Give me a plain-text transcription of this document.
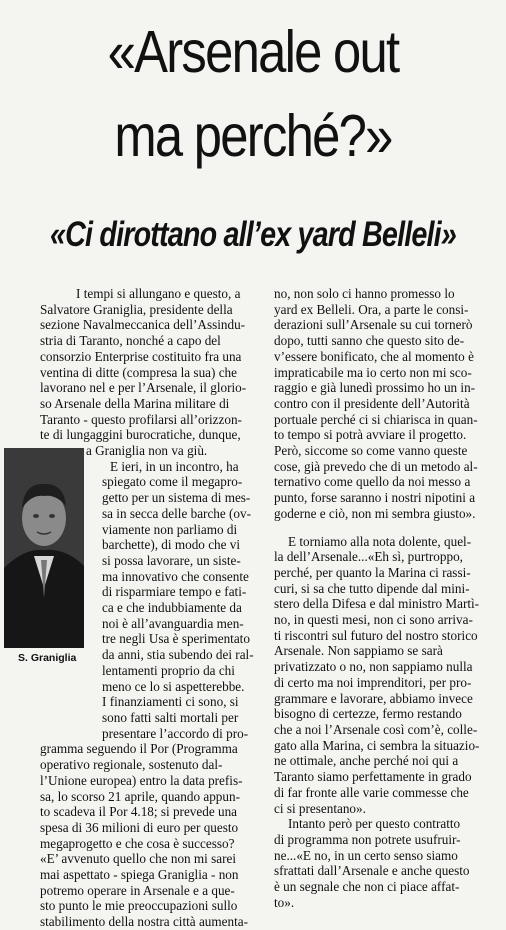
«Arsenale out
ma perché?»
«Ci dirottano all’ex yard Belleli»
S. Graniglia
I tempi si allungano e questo, a
Salvatore Graniglia, presidente della
sezione Navalmeccanica dell’Assindu-
stria di Taranto, nonché a capo del
consorzio Enterprise costituito fra una
ventina di ditte (compresa la sua) che
lavorano nel e per l’Arsenale, il glorio-
so Arsenale della Marina militare di
Taranto - questo profilarsi all’orizzon-
te di lungaggini burocratiche, dunque,
a Graniglia non va giù.
E ieri, in un incontro, ha
spiegato come il megapro-
getto per un sistema di mes-
sa in secca delle barche (ov-
viamente non parliamo di
barchette), di modo che vi
si possa lavorare, un siste-
ma innovativo che consente
di risparmiare tempo e fati-
ca e che indubbiamente da
noi è all’avanguardia men-
tre negli Usa è sperimentato
da anni, stia subendo dei ral-
lentamenti proprio da chi
meno ce lo si aspetterebbe.
I finanziamenti ci sono, si
sono fatti salti mortali per
presentare l’accordo di pro-
gramma seguendo il Por (Programma
operativo regionale, sostenuto dal-
l’Unione europea) entro la data prefis-
sa, lo scorso 21 aprile, quando appun-
to scadeva il Por 4.18; si prevede una
spesa di 36 milioni di euro per questo
megaprogetto e che cosa è successo?
«E’ avvenuto quello che non mi sarei
mai aspettato - spiega Graniglia - non
potremo operare in Arsenale e a que-
sto punto le mie preoccupazioni sullo
stabilimento della nostra città aumenta-
no, non solo ci hanno promesso lo
yard ex Belleli. Ora, a parte le consi-
derazioni sull’Arsenale su cui tornerò
dopo, tutti sanno che questo sito de-
v’essere bonificato, che al momento è
impraticabile ma io certo non mi sco-
raggio e già lunedì prossimo ho un in-
contro con il presidente dell’Autorità
portuale perché ci si chiarisca in quan-
to tempo si potrà avviare il progetto.
Però, siccome so come vanno queste
cose, già prevedo che di un metodo al-
ternativo come quello da noi messo a
punto, forse saranno i nostri nipotini a
goderne e ciò, non mi sembra giusto».
E torniamo alla nota dolente, quel-
la dell’Arsenale...«Eh sì, purtroppo,
perché, per quanto la Marina ci rassi-
curi, si sa che tutto dipende dal mini-
stero della Difesa e dal ministro Martì-
no, in questi mesi, non ci sono arriva-
ti riscontri sul futuro del nostro storico
Arsenale. Non sappiamo se sarà
privatizzato o no, non sappiamo nulla
di certo ma noi imprenditori, per pro-
grammare e lavorare, abbiamo invece
bisogno di certezze, fermo restando
che a noi l’Arsenale così com’è, colle-
gato alla Marina, ci sembra la situazio-
ne ottimale, anche perché noi qui a
Taranto siamo perfettamente in grado
di far fronte alle varie commesse che
ci si presentano».
Intanto però per questo contratto
di programma non potrete usufruir-
ne...«E no, in un certo senso siamo
sfrattati dall’Arsenale e anche questo
è un segnale che non ci piace affat-
to».
